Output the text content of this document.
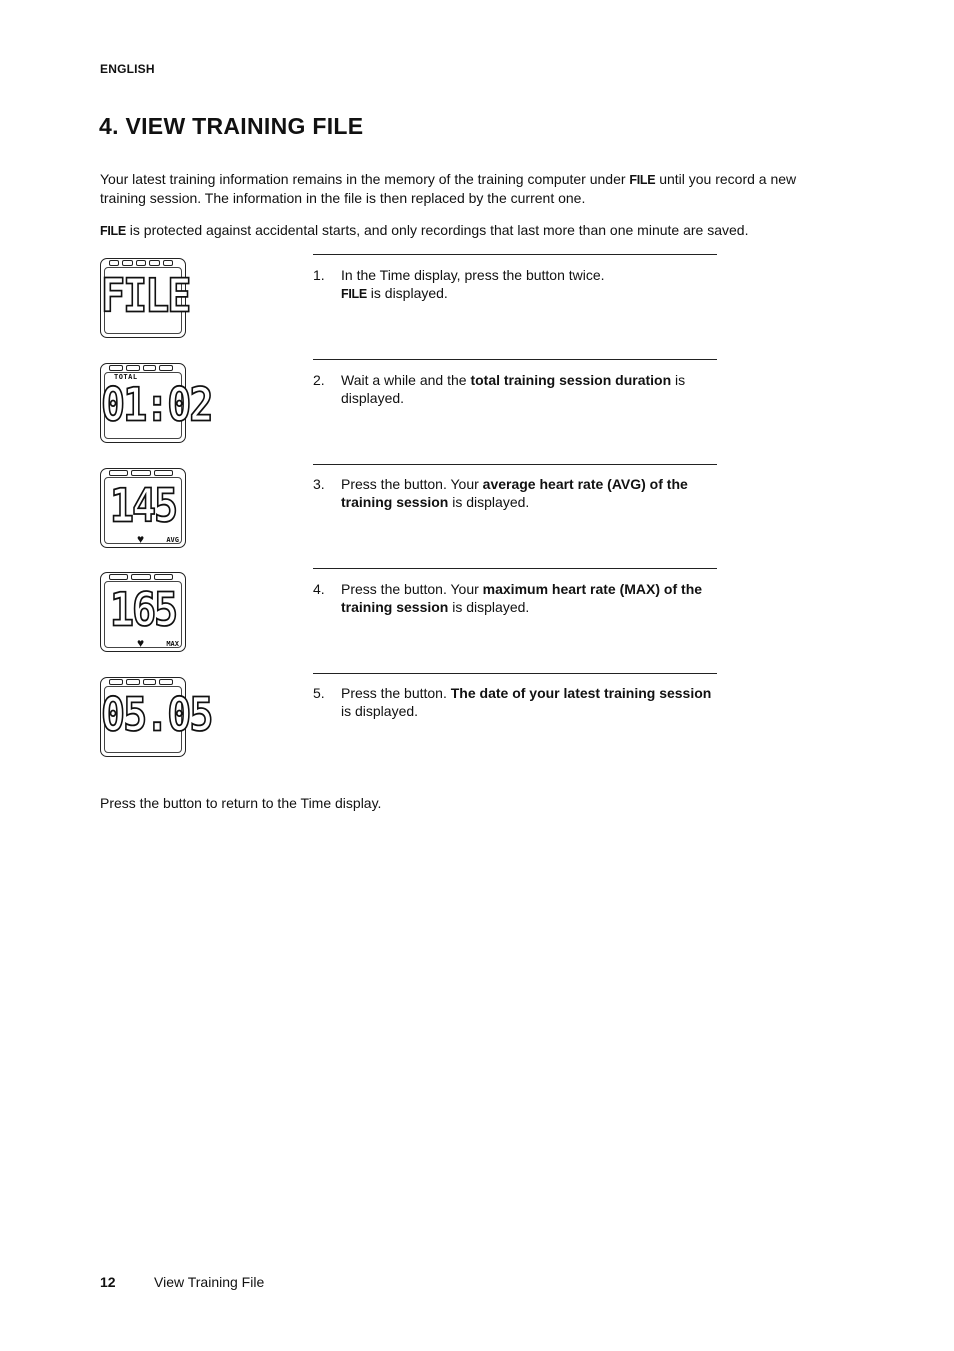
ENGLISH
4. VIEW TRAINING FILE

Your latest training information remains in the memory of the training computer under FILE until you record a new training session. The information in the file is then replaced by the current one.

FILE is protected against accidental starts, and only recordings that last more than one minute are saved.

FILE	1. In the Time display, press the button twice.
FILE is displayed.
TOTAL
01:02	2. Wait a while and the total training session duration is displayed.
145
♥	AVG
3. Press the button. Your average heart rate (AVG) of the training session is displayed.
165
♥	MAX
4. Press the button. Your maximum heart rate (MAX) of the training session is displayed.
05.05	5. Press the button. The date of your latest training session is displayed.

Press the button to return to the Time display.

12	View Training File
